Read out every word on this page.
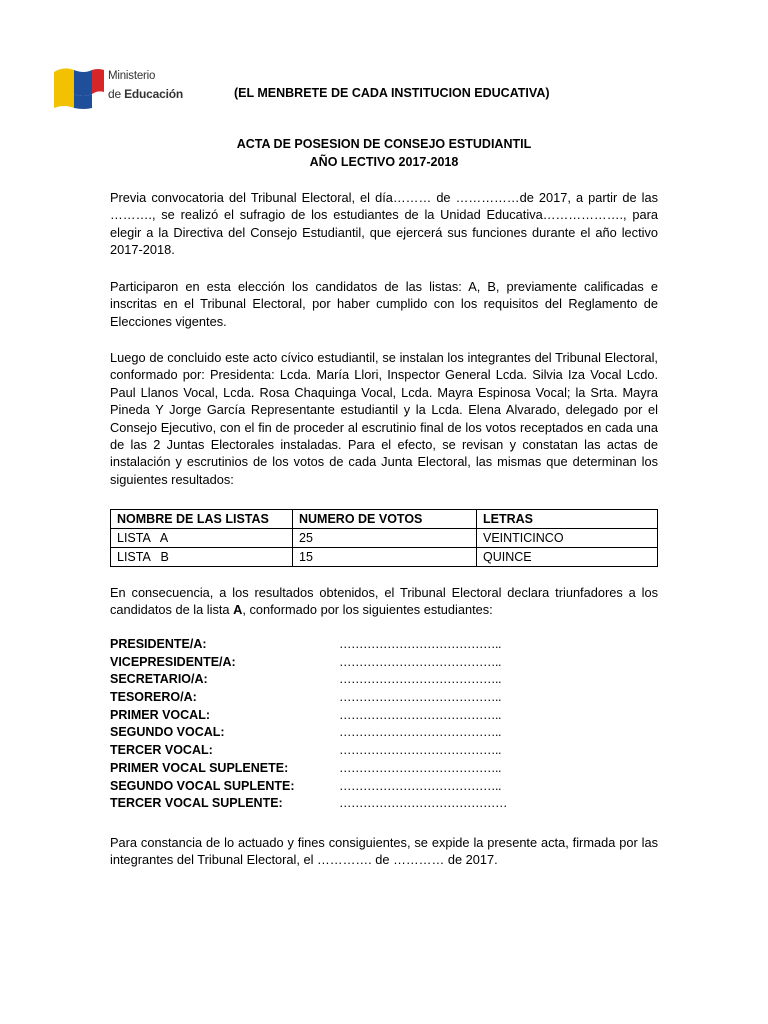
Ministerio
de Educación	(EL MENBRETE DE CADA INSTITUCION EDUCATIVA)
ACTA DE POSESION DE CONSEJO ESTUDIANTIL
AÑO LECTIVO 2017-2018

Previa convocatoria del Tribunal Electoral, el día……… de ……………de 2017, a partir de las ………., se realizó el sufragio de los estudiantes de la Unidad Educativa………………., para elegir a la Directiva del Consejo Estudiantil, que ejercerá sus funciones durante el año lectivo 2017-2018.

Participaron en esta elección los candidatos de las listas: A, B, previamente calificadas e inscritas en el Tribunal Electoral, por haber cumplido con los requisitos del Reglamento de Elecciones vigentes.

Luego de concluido este acto cívico estudiantil, se instalan los integrantes del Tribunal Electoral, conformado por: Presidenta: Lcda. María Llori, Inspector General Lcda. Silvia Iza Vocal Lcdo. Paul Llanos Vocal, Lcda. Rosa Chaquinga Vocal, Lcda. Mayra Espinosa Vocal; la Srta. Mayra Pineda Y Jorge García Representante estudiantil y la Lcda. Elena Alvarado, delegado por el Consejo Ejecutivo, con el fin de proceder al escrutinio final de los votos receptados en cada una de las 2 Juntas Electorales instaladas. Para el efecto, se revisan y constatan las actas de instalación y escrutinios de los votos de cada Junta Electoral, las mismas que determinan los siguientes resultados:

NOMBRE DE LAS LISTAS	NUMERO DE VOTOS	LETRAS
LISTA   A	25	VEINTICINCO
LISTA   B	15	QUINCE

En consecuencia, a los resultados obtenidos, el Tribunal Electoral declara triunfadores a los candidatos de la lista A, conformado por los siguientes estudiantes:

PRESIDENTE/A:	…………………………………..
VICEPRESIDENTE/A:	…………………………………..
SECRETARIO/A:	…………………………………..
TESORERO/A:	…………………………………..
PRIMER VOCAL:	…………………………………..
SEGUNDO VOCAL:	…………………………………..
TERCER VOCAL:	…………………………………..
PRIMER VOCAL SUPLENETE:	…………………………………..
SEGUNDO VOCAL SUPLENTE:	…………………………………..
TERCER VOCAL SUPLENTE:	……………………………………

Para constancia de lo actuado y fines consiguientes, se expide la presente acta, firmada por las integrantes del Tribunal Electoral, el …………. de ………… de 2017.
